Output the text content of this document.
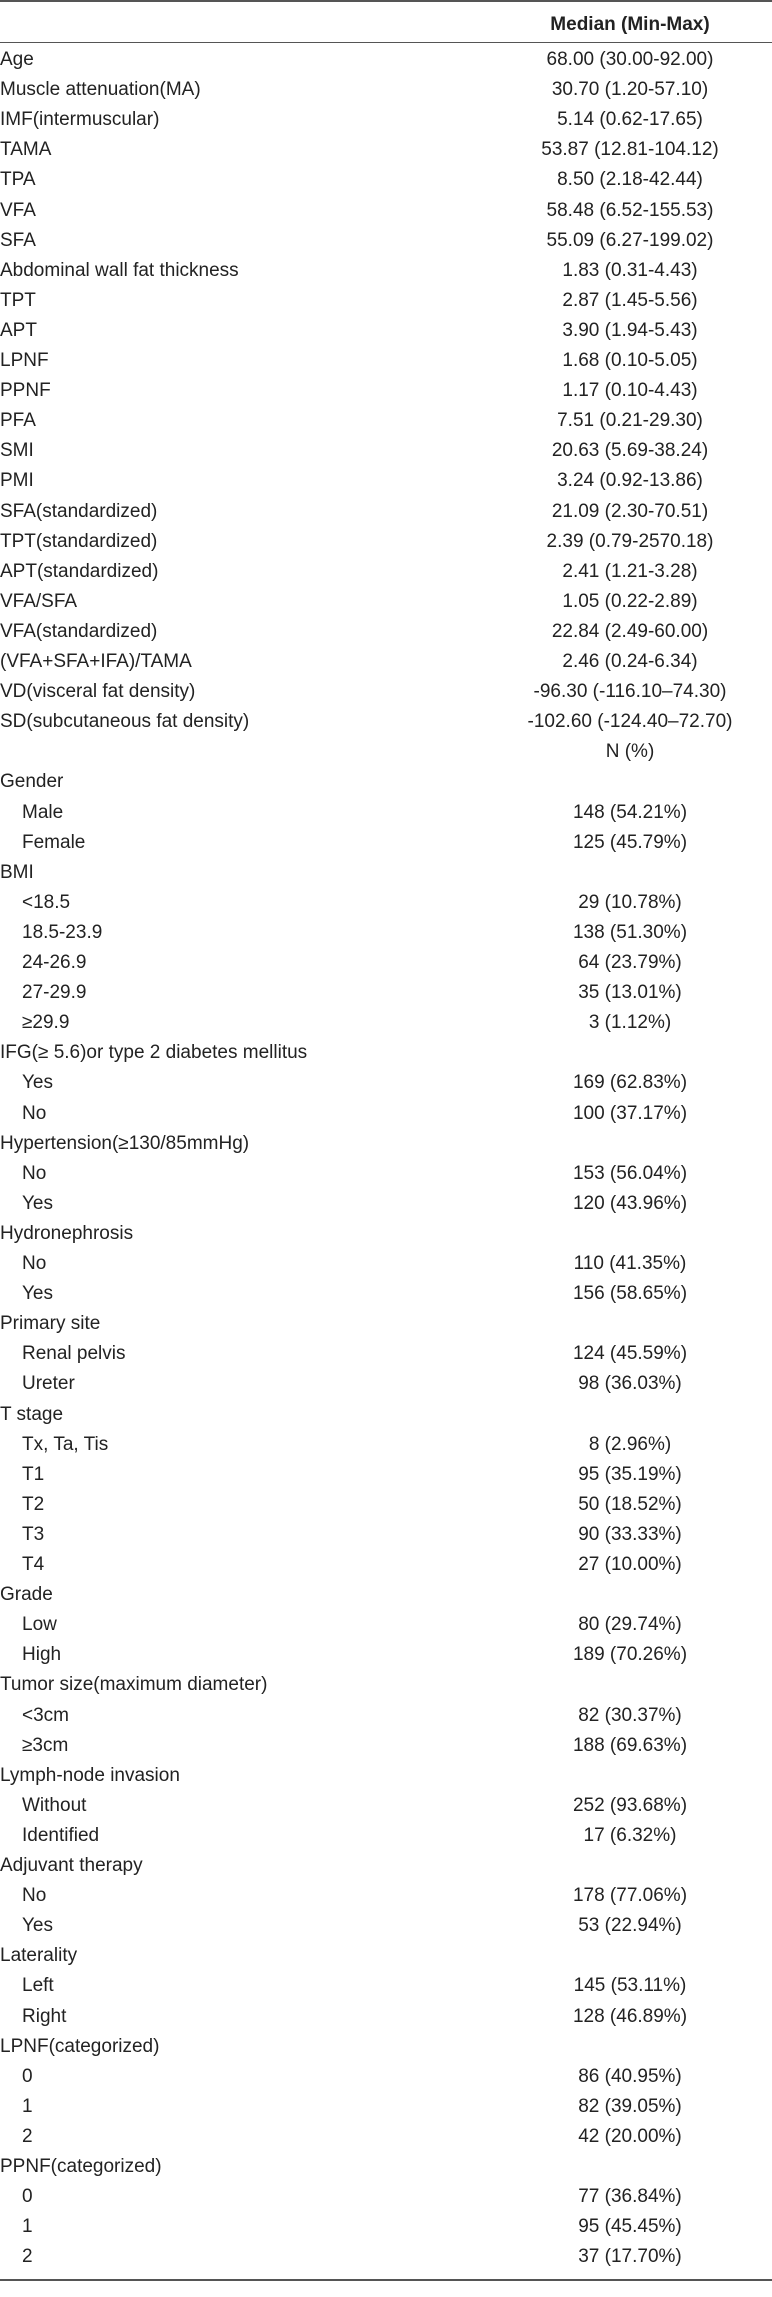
Median (Min-Max)
Age	68.00 (30.00-92.00)
Muscle attenuation(MA)	30.70 (1.20-57.10)
IMF(intermuscular)	5.14 (0.62-17.65)
TAMA	53.87 (12.81-104.12)
TPA	8.50 (2.18-42.44)
VFA	58.48 (6.52-155.53)
SFA	55.09 (6.27-199.02)
Abdominal wall fat thickness	1.83 (0.31-4.43)
TPT	2.87 (1.45-5.56)
APT	3.90 (1.94-5.43)
LPNF	1.68 (0.10-5.05)
PPNF	1.17 (0.10-4.43)
PFA	7.51 (0.21-29.30)
SMI	20.63 (5.69-38.24)
PMI	3.24 (0.92-13.86)
SFA(standardized)	21.09 (2.30-70.51)
TPT(standardized)	2.39 (0.79-2570.18)
APT(standardized)	2.41 (1.21-3.28)
VFA/SFA	1.05 (0.22-2.89)
VFA(standardized)	22.84 (2.49-60.00)
(VFA+SFA+IFA)/TAMA	2.46 (0.24-6.34)
VD(visceral fat density)	-96.30 (-116.10–74.30)
SD(subcutaneous fat density)	-102.60 (-124.40–72.70)
N (%)
Gender
Male	148 (54.21%)
Female	125 (45.79%)
BMI
<18.5	29 (10.78%)
18.5-23.9	138 (51.30%)
24-26.9	64 (23.79%)
27-29.9	35 (13.01%)
≥29.9	3 (1.12%)
IFG(≥ 5.6)or type 2 diabetes mellitus
Yes	169 (62.83%)
No	100 (37.17%)
Hypertension(≥130/85mmHg)
No	153 (56.04%)
Yes	120 (43.96%)
Hydronephrosis
No	110 (41.35%)
Yes	156 (58.65%)
Primary site
Renal pelvis	124 (45.59%)
Ureter	98 (36.03%)
T stage
Tx, Ta, Tis	8 (2.96%)
T1	95 (35.19%)
T2	50 (18.52%)
T3	90 (33.33%)
T4	27 (10.00%)
Grade
Low	80 (29.74%)
High	189 (70.26%)
Tumor size(maximum diameter)
<3cm	82 (30.37%)
≥3cm	188 (69.63%)
Lymph-node invasion
Without	252 (93.68%)
Identified	17 (6.32%)
Adjuvant therapy
No	178 (77.06%)
Yes	53 (22.94%)
Laterality
Left	145 (53.11%)
Right	128 (46.89%)
LPNF(categorized)
0	86 (40.95%)
1	82 (39.05%)
2	42 (20.00%)
PPNF(categorized)
0	77 (36.84%)
1	95 (45.45%)
2	37 (17.70%)
